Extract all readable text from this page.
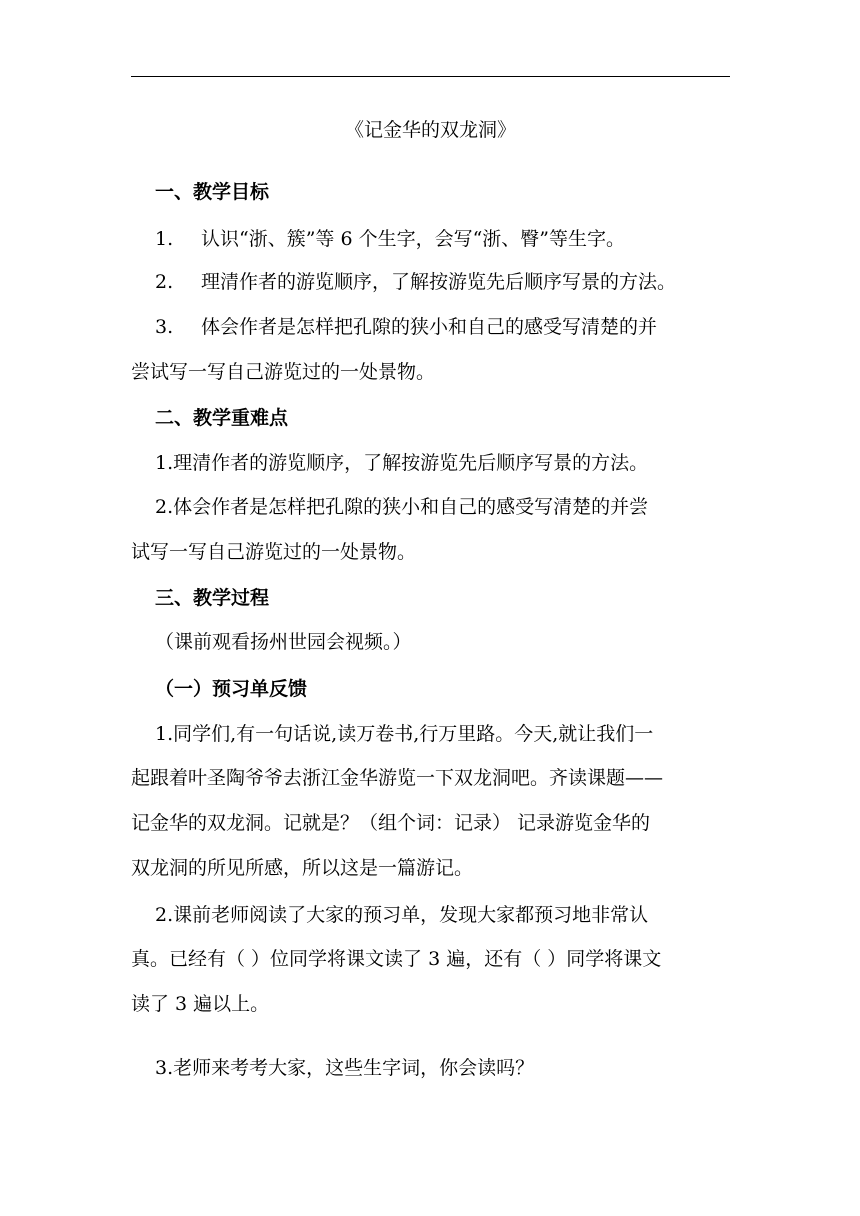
《记金华的双龙洞》
一、教学目标
1. 认识“浙、簇”等 6 个生字，会写“浙、臀”等生字。
2. 理清作者的游览顺序，了解按游览先后顺序写景的方法。
3. 体会作者是怎样把孔隙的狭小和自己的感受写清楚的并
尝试写一写自己游览过的一处景物。
二、教学重难点
1.理清作者的游览顺序，了解按游览先后顺序写景的方法。
2.体会作者是怎样把孔隙的狭小和自己的感受写清楚的并尝
试写一写自己游览过的一处景物。
三、教学过程
（课前观看扬州世园会视频。）
（一）预习单反馈
1.同学们,有一句话说,读万卷书,行万里路。今天,就让我们一
起跟着叶圣陶爷爷去浙江金华游览一下双龙洞吧。齐读课题——
记金华的双龙洞。记就是？（组个词：记录） 记录游览金华的
双龙洞的所见所感，所以这是一篇游记。
2.课前老师阅读了大家的预习单，发现大家都预习地非常认
真。已经有（ ）位同学将课文读了 3 遍，还有（ ）同学将课文
读了 3 遍以上。
3.老师来考考大家，这些生字词，你会读吗？
